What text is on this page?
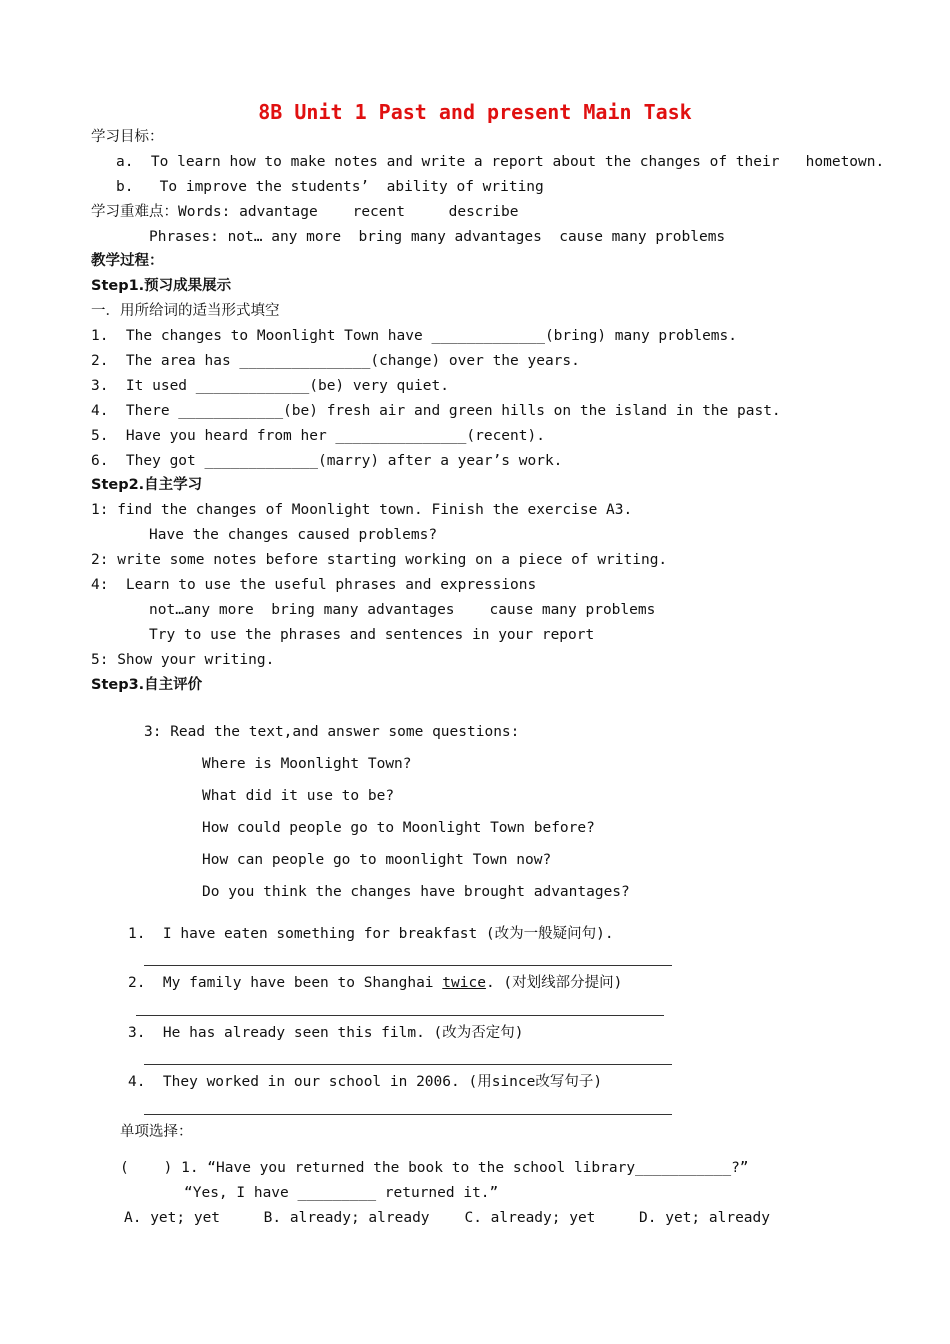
8B Unit 1 Past and present Main Task
学习目标：
a.  To learn how to make notes and write a report about the changes of their   hometown.
b.   To improve the students’  ability of writing
学习重难点：Words: advantage    recent     describe
Phrases: not… any more  bring many advantages  cause many problems
教学过程：
Step1.预习成果展示
一．用所给词的适当形式填空
1.  The changes to Moonlight Town have _____________(bring) many problems.
2.  The area has _______________(change) over the years.
3.  It used _____________(be) very quiet.
4.  There ____________(be) fresh air and green hills on the island in the past.
5.  Have you heard from her _______________(recent).
6.  They got _____________(marry) after a year’s work.
Step2.自主学习
1: find the changes of Moonlight town. Finish the exercise A3.
Have the changes caused problems?
2: write some notes before starting working on a piece of writing.
4:  Learn to use the useful phrases and expressions
not…any more  bring many advantages    cause many problems
Try to use the phrases and sentences in your report
5: Show your writing.
Step3.自主评价
3: Read the text,and answer some questions:
Where is Moonlight Town?
What did it use to be?
How could people go to Moonlight Town before?
How can people go to moonlight Town now?
Do you think the changes have brought advantages?
1.  I have eaten something for breakfast (改为一般疑问句).
2.  My family have been to Shanghai twice. (对划线部分提问)
3.  He has already seen this film. (改为否定句)
4.  They worked in our school in 2006. (用since改写句子)
单项选择：
(    ) 1. “Have you returned the book to the school library___________?”
“Yes, I have _________ returned it.”
A. yet; yet     B. already; already    C. already; yet     D. yet; already
